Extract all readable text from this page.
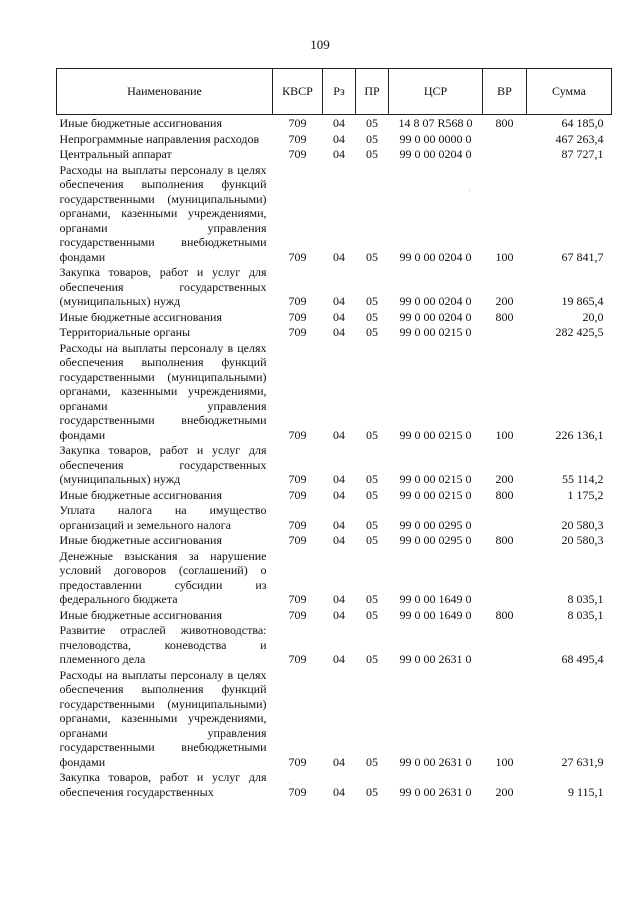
109
·
·
Наименование	КВСР	Рз	ПР	ЦСР	ВР	Сумма
Иные бюджетные ассигнования	709	04	05	14 8 07 R568 0	800	64 185,0
Непрограммные направления расходов	709	04	05	99 0 00 0000 0		467 263,4
Центральный аппарат	709	04	05	99 0 00 0204 0		87 727,1
Расходы на выплаты персоналу в целях обеспечения выполнения функций государственными (муниципальными) органами, казенными учреждениями, органами управления государственными внебюджетными фондами	709	04	05	99 0 00 0204 0	100	67 841,7
Закупка товаров, работ и услуг для обеспечения государственных (муниципальных) нужд	709	04	05	99 0 00 0204 0	200	19 865,4
Иные бюджетные ассигнования	709	04	05	99 0 00 0204 0	800	20,0
Территориальные органы	709	04	05	99 0 00 0215 0		282 425,5
Расходы на выплаты персоналу в целях обеспечения выполнения функций государственными (муниципальными) органами, казенными учреждениями, органами управления государственными внебюджетными фондами	709	04	05	99 0 00 0215 0	100	226 136,1
Закупка товаров, работ и услуг для обеспечения государственных (муниципальных) нужд	709	04	05	99 0 00 0215 0	200	55 114,2
Иные бюджетные ассигнования	709	04	05	99 0 00 0215 0	800	1 175,2
Уплата налога на имущество организаций и земельного налога	709	04	05	99 0 00 0295 0		20 580,3
Иные бюджетные ассигнования	709	04	05	99 0 00 0295 0	800	20 580,3
Денежные взыскания за нарушение условий договоров (соглашений) о предоставлении субсидии из федерального бюджета	709	04	05	99 0 00 1649 0		8 035,1
Иные бюджетные ассигнования	709	04	05	99 0 00 1649 0	800	8 035,1
Развитие отраслей животноводства: пчеловодства, коневодства и племенного дела	709	04	05	99 0 00 2631 0		68 495,4
Расходы на выплаты персоналу в целях обеспечения выполнения функций государственными (муниципальными) органами, казенными учреждениями, органами управления государственными внебюджетными фондами	709	04	05	99 0 00 2631 0	100	27 631,9
Закупка товаров, работ и услуг для обеспечения государственных	709	04	05	99 0 00 2631 0	200	9 115,1
